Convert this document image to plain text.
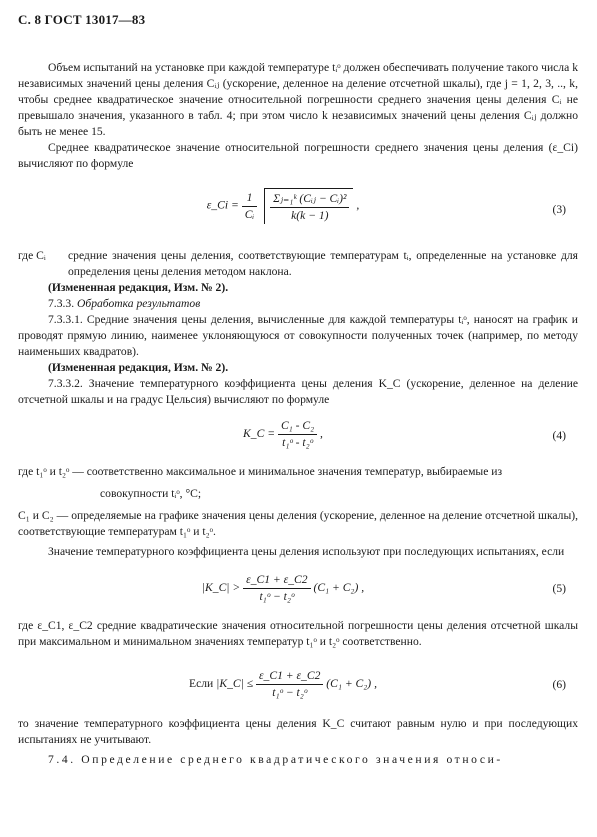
С. 8 ГОСТ 13017—83

Объем испытаний на установке при каждой температуре tᵢᵒ должен обеспечивать получение такого числа k независимых значений цены деления Cᵢⱼ (ускорение, деленное на деление отсчетной шкалы), где j = 1, 2, 3, .., k, чтобы среднее квадратическое значение относительной погрешности среднего значения цены деления Cᵢ не превышало значения, указанного в табл. 4; при этом число k независимых значений цены деления Cᵢⱼ должно быть не менее 15.

Среднее квадратическое значение относительной погрешности среднего значения цены деления (ε_Ci) вычисляют по формуле

ε_Ci = $\frac{1}{\text{Cᵢ}}$
$\frac{\text{Σⱼ₌₁ᵏ (Cᵢⱼ − Cᵢ)²}}{k(k - 1)}$ ,	(3)
где Cᵢ	средние значения цены деления, соответствующие температурам tᵢ, определенные на установке для определения цены деления методом наклона.

(Измененная редакция, Изм. № 2).

7.3.3. Обработка результатов

7.3.3.1. Средние значения цены деления, вычисленные для каждой температуры tᵢᵒ, наносят на график и проводят прямую линию, наименее уклоняющуюся от совокупности полученных точек (например, по методу наименьших квадратов).

(Измененная редакция, Изм. № 2).

7.3.3.2. Значение температурного коэффициента цены деления K_C (ускорение, деленное на деление отсчетной шкалы и на градус Цельсия) вычисляют по формуле

K_C = $\frac{\text{C₁ - C₂}}{\text{t₁ᵒ - t₂ᵒ}}$ ,	(4)

где t₁ᵒ и t₂ᵒ — соответственно максимальное и минимальное значения температур, выбираемые из

совокупности tᵢᵒ, °С;

C₁ и C₂ — определяемые на графике значения цены деления (ускорение, деленное на деление отсчетной шкалы), соответствующие температурам t₁ᵒ и t₂ᵒ.

Значение температурного коэффициента цены деления используют при последующих испытаниях, если

|K_C| > $\frac{\varepsilon\_C1 + \varepsilon\_C2}{\text{t₁ᵒ − t₂ᵒ}} (C_1 + C_2)$ ,	(5)

где ε_C1, ε_C2 средние квадратические значения относительной погрешности цены деления отсчетной шкалы при максимальном и минимальном значениях температур t₁ᵒ и t₂ᵒ соответственно.

Если |K_C| ≤ $\frac{\varepsilon\_C1 + \varepsilon\_C2}{\text{t₁ᵒ − t₂ᵒ}} (C_1 + C_2)$ ,	(6)

то значение температурного коэффициента цены деления K_C считают равным нулю и при последующих испытаниях не учитывают.

7.4. Определение среднего квадратического значения относи-
